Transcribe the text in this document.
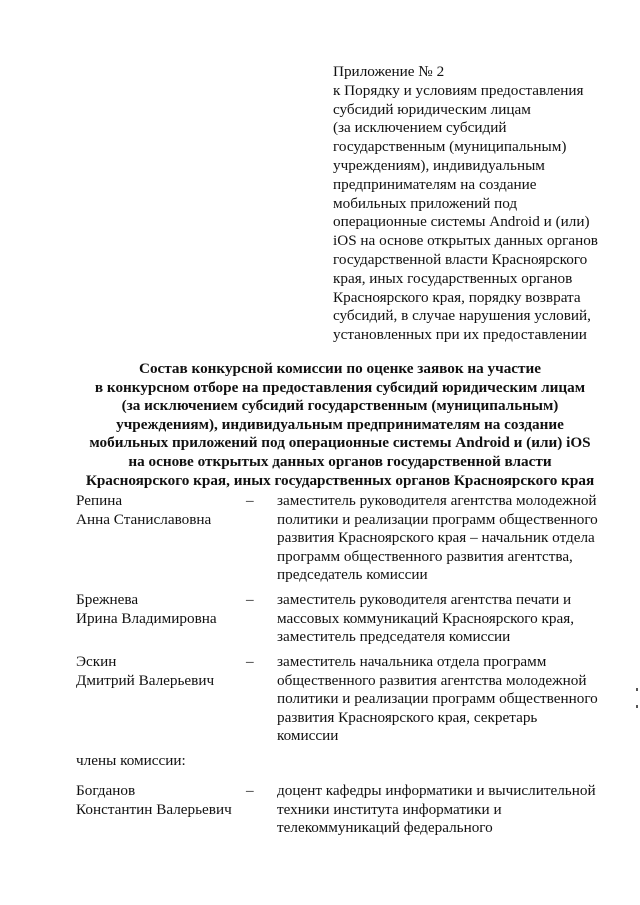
Приложение № 2
к Порядку и условиям предоставления
субсидий юридическим лицам
(за исключением субсидий
государственным (муниципальным)
учреждениям), индивидуальным
предпринимателям на создание
мобильных приложений под
операционные системы Android и (или)
iOS на основе открытых данных органов
государственной власти Красноярского
края, иных государственных органов
Красноярского края, порядку возврата
субсидий, в случае нарушения условий,
установленных при их предоставлении
Состав конкурсной комиссии по оценке заявок на участие
в конкурсном отборе на предоставления субсидий юридическим лицам
(за исключением субсидий государственным (муниципальным)
учреждениям), индивидуальным предпринимателям на создание
мобильных приложений под операционные системы Android и (или) iOS
на основе открытых данных органов государственной власти
Красноярского края, иных государственных органов Красноярского края
Репина
Анна Станиславовна
– заместитель руководителя агентства молодежной
политики и реализации программ общественного
развития Красноярского края – начальник отдела
программ общественного развития агентства,
председатель комиссии
Брежнева
Ирина Владимировна
– заместитель руководителя агентства печати и
массовых коммуникаций Красноярского края,
заместитель председателя комиссии
Эскин
Дмитрий Валерьевич
– заместитель начальника отдела программ
общественного развития агентства молодежной
политики и реализации программ общественного
развития Красноярского края, секретарь
комиссии
члены комиссии:
Богданов
Константин Валерьевич
– доцент кафедры информатики и вычислительной
техники института информатики и
телекоммуникаций федерального
